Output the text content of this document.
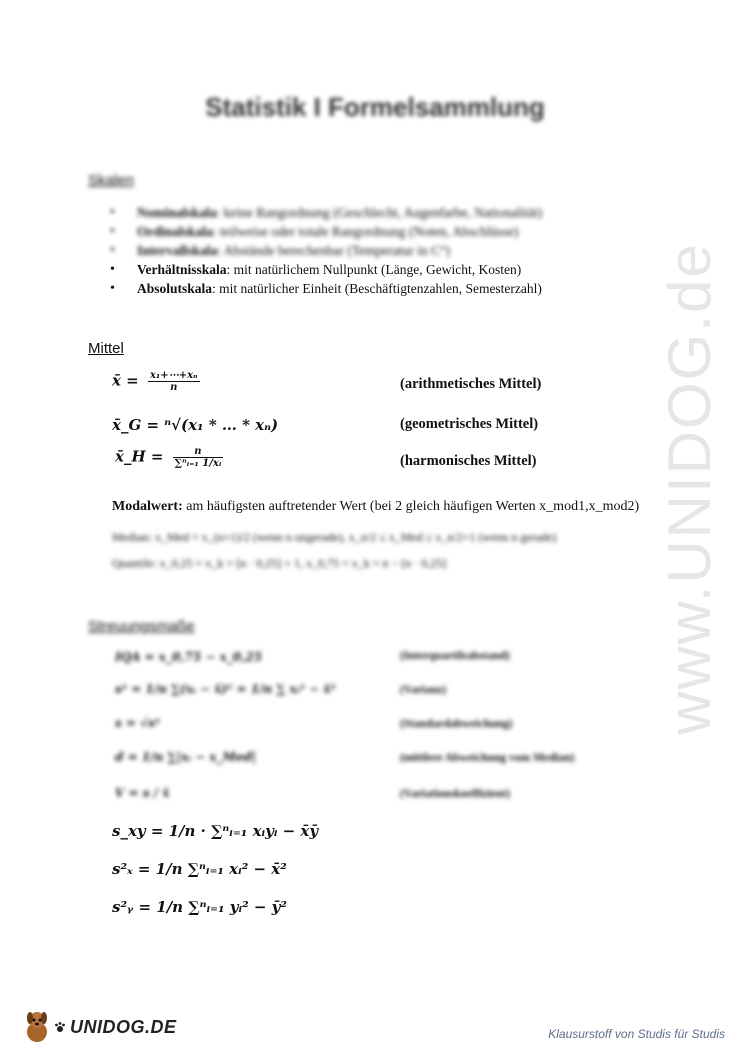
Statistik I Formelsammlung
www.UNIDOG.de
Skalen
• Nominalskala: keine Rangordnung (Geschlecht, Augenfarbe, Nationalität)
• Ordinalskala: teilweise oder totale Rangordnung (Noten, Abschlüsse)
• Intervallskala: Abstände berechenbar (Temperatur in C°)
• Verhältnisskala: mit natürlichem Nullpunkt (Länge, Gewicht, Kosten)
• Absolutskala: mit natürlicher Einheit (Beschäftigtenzahlen, Semesterzahl)
Mittel
x̄ = $\frac{\text{x₁+⋯+xₙ}}{n}$	(arithmetisches Mittel)
x̄_G = ⁿ√(x₁ * … * xₙ)	(geometrisches Mittel)
x̄_H = $\frac{n}{\text{∑ⁿᵢ₌₁ 1/xᵢ}}$	(harmonisches Mittel)
Modalwert: am häufigsten auftretender Wert (bei 2 gleich häufigen Werten x_mod1,x_mod2)
Median: x_Med = x_(n+1)/2 (wenn n ungerade), x_n/2 ≤ x_Med ≥ x_n/2+1 (wenn n gerade)
Quantile: x_0,25 = x_k = [n · 0,25] + 1, x_0,75 = x_k = n − [n · 0,25]
Streuungsmaße
IQA = x_0,75 − x_0,25	(Interquartilsabstand)
s² = 1/n ∑(xᵢ − x̄)² = 1/n ∑ xᵢ² − x̄²	(Varianz)
s = √s²	(Standardabweichung)
d = 1/n ∑|xᵢ − x_Med|	(mittlere Abweichung vom Median)
V = s / x̄	(Variationskoeffizient)
s_xy = 1/n · ∑ⁿᵢ₌₁ xᵢyᵢ − x̄ȳ
s²ₓ = 1/n ∑ⁿᵢ₌₁ xᵢ² − x̄²
s²ᵧ = 1/n ∑ⁿᵢ₌₁ yᵢ² − ȳ²
UNIDOG.DE	Klausurstoff von Studis für Studis
